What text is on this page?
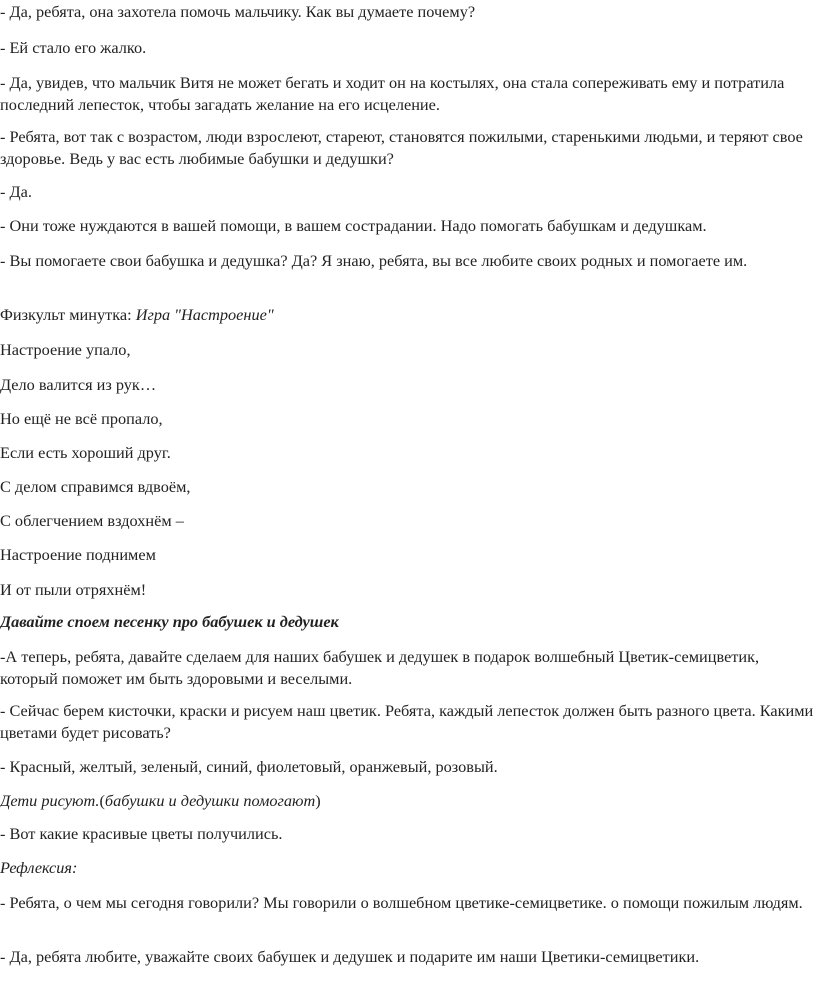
- Да, ребята, она захотела помочь мальчику. Как вы думаете почему?

- Ей стало его жалко.

- Да, увидев, что мальчик Витя не может бегать и ходит он на костылях, она стала сопереживать ему и потратила последний лепесток, чтобы загадать желание на его исцеление.

- Ребята, вот так с возрастом, люди взрослеют, стареют, становятся пожилыми, старенькими людьми, и теряют свое здоровье. Ведь у вас есть любимые бабушки и дедушки?

- Да.

- Они тоже нуждаются в вашей помощи, в вашем сострадании. Надо помогать бабушкам и дедушкам.

- Вы помогаете свои бабушка и дедушка? Да? Я знаю, ребята, вы все любите своих родных и помогаете им.

Физкульт минутка: Игра "Настроение"

Настроение упало,

Дело валится из рук…

Но ещё не всё пропало,

Если есть хороший друг.

С делом справимся вдвоём,

С облегчением вздохнём –

Настроение поднимем

И от пыли отряхнём!

Давайте споем песенку про бабушек и дедушек

-А теперь, ребята, давайте сделаем для наших бабушек и дедушек в подарок волшебный Цветик-семицветик, который поможет им быть здоровыми и веселыми.

- Сейчас берем кисточки, краски и рисуем наш цветик. Ребята, каждый лепесток должен быть разного цвета. Какими цветами будет рисовать?

- Красный, желтый, зеленый, синий, фиолетовый, оранжевый, розовый.

Дети рисуют.(бабушки и дедушки помогают)

- Вот какие красивые цветы получились.

Рефлексия:

- Ребята, о чем мы сегодня говорили? Мы говорили о волшебном цветике-семицветике. о помощи пожилым людям.

- Да, ребята любите, уважайте своих бабушек и дедушек и подарите им наши Цветики-семицветики.
